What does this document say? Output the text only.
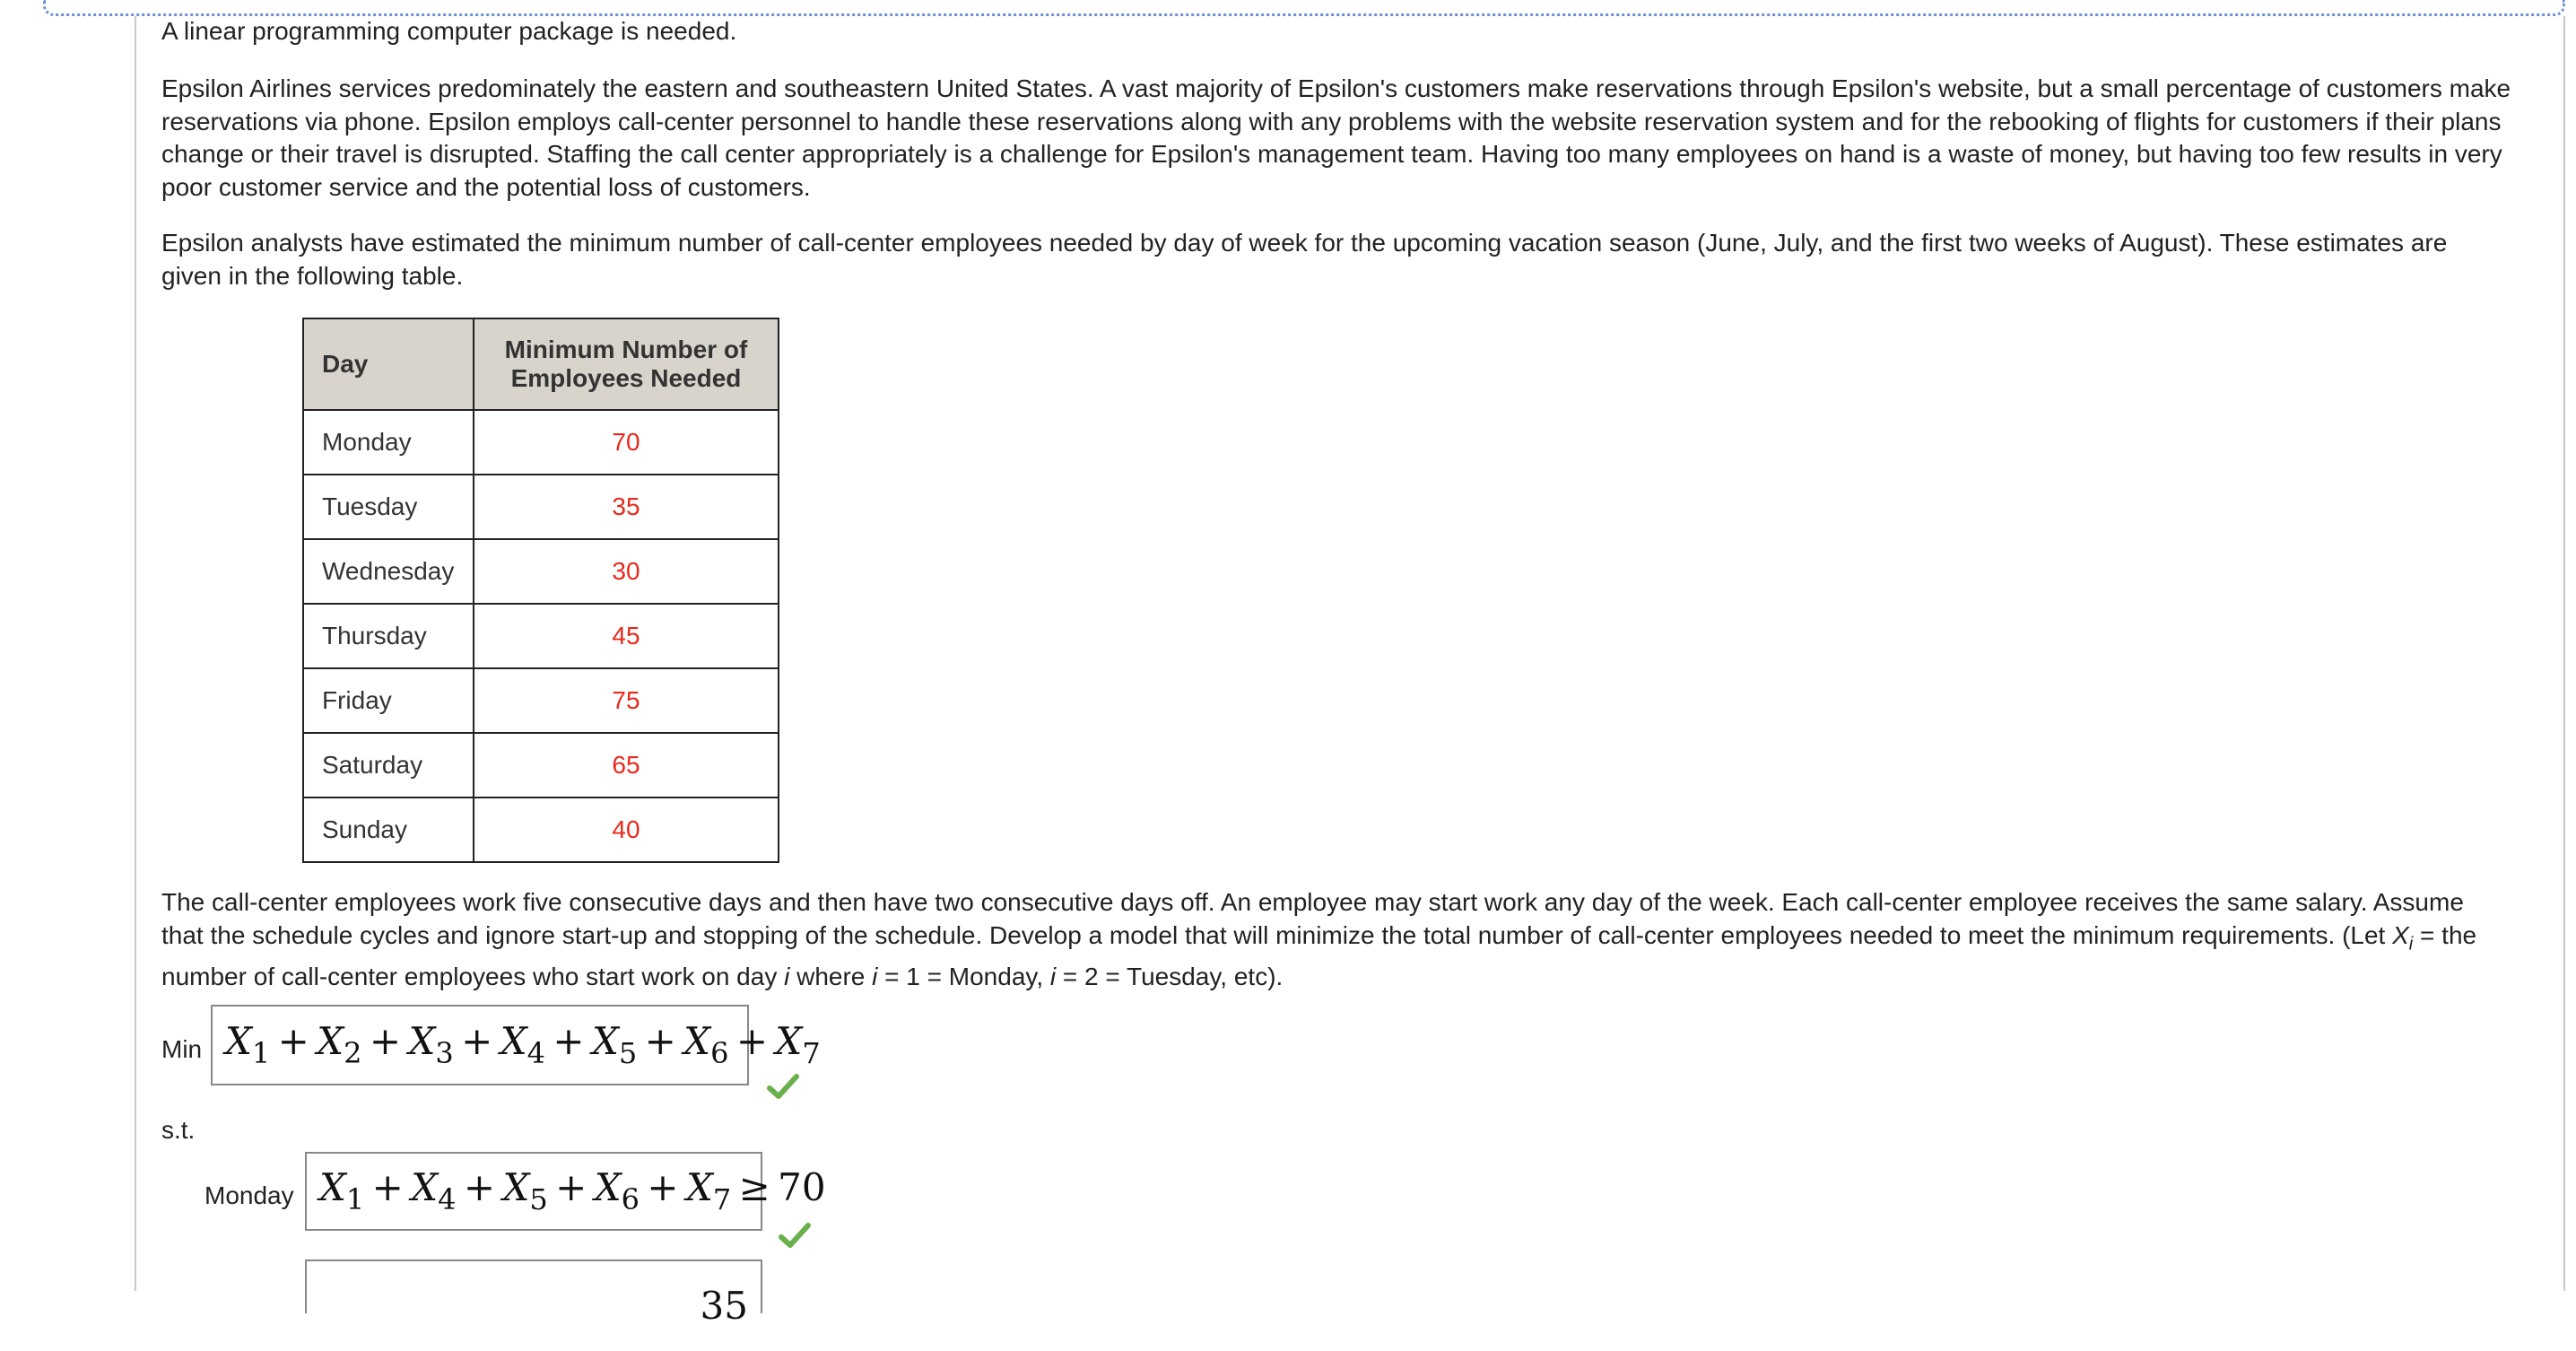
A linear programming computer package is needed.

Epsilon Airlines services predominately the eastern and southeastern United States. A vast majority of Epsilon's customers make reservations through Epsilon's website, but a small percentage of customers make reservations via phone. Epsilon employs call-center personnel to handle these reservations along with any problems with the website reservation system and for the rebooking of flights for customers if their plans change or their travel is disrupted. Staffing the call center appropriately is a challenge for Epsilon's management team. Having too many employees on hand is a waste of money, but having too few results in very poor customer service and the potential loss of customers.

Epsilon analysts have estimated the minimum number of call-center employees needed by day of week for the upcoming vacation season (June, July, and the first two weeks of August). These estimates are given in the following table.

Day	Minimum Number of Employees Needed
Monday	70
Tuesday	35
Wednesday	30
Thursday	45
Friday	75
Saturday	65
Sunday	40

The call-center employees work five consecutive days and then have two consecutive days off. An employee may start work any day of the week. Each call-center employee receives the same salary. Assume that the schedule cycles and ignore start-up and stopping of the schedule. Develop a model that will minimize the total number of call-center employees needed to meet the minimum requirements. (Let $X_i$ = the number of call-center employees who start work on day i where i = 1 = Monday, i = 2 = Tuesday, etc).

Min $X_1 + X_2 + X_3 + X_4 + X_5 + X_6 + X_7$
s.t.
Monday $X_1 + X_4 + X_5 + X_6 + X_7 \ge 70$

35
